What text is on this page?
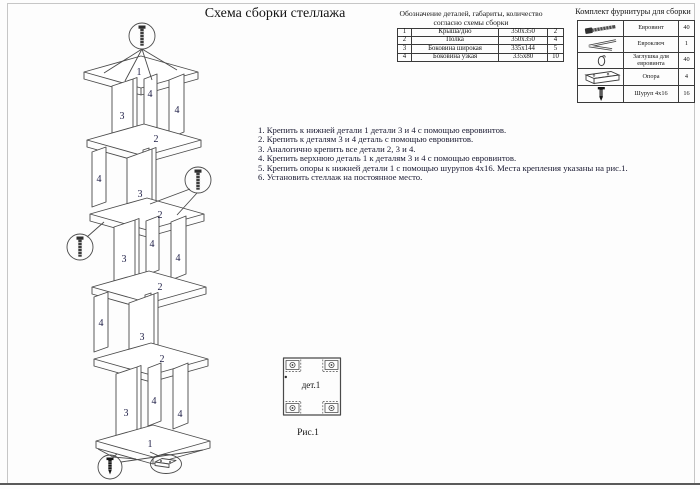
Схема сборки стеллажа	Обозначение деталей, габариты, количество
согласно схемы сборки
1	Крыша/дно	350х350	2
2	Полка	350х350	4
3	Боковина широкая	335х144	5
4	Боковина узкая	335х80	10
Комплект фурнитуры для сборки
	Евровинт	40

	Евроключ	1

	Заглушка для евровинта	40

	Опора	4

	Шуруп 4х16	16
1. Крепить к нижней детали 1 детали 3 и 4 с помощью евровинтов.
2. Крепить к деталям 3 и 4 деталь с помощью евровинтов.
3. Аналогично крепить все детали 2, 3 и 4.
4. Крепить верхнюю деталь 1 к деталям 3 и 4 с помощью евровинтов.
5. Крепить опоры к нижней детали 1 с помощью шурупов 4х16. Места крепления указаны на рис.1.
6. Установить стеллаж на постоянное место.
1
4
3
4
2
4
3
2
3
4
4
2
4
3
2
3
4
4
1
дет.1
Рис.1
